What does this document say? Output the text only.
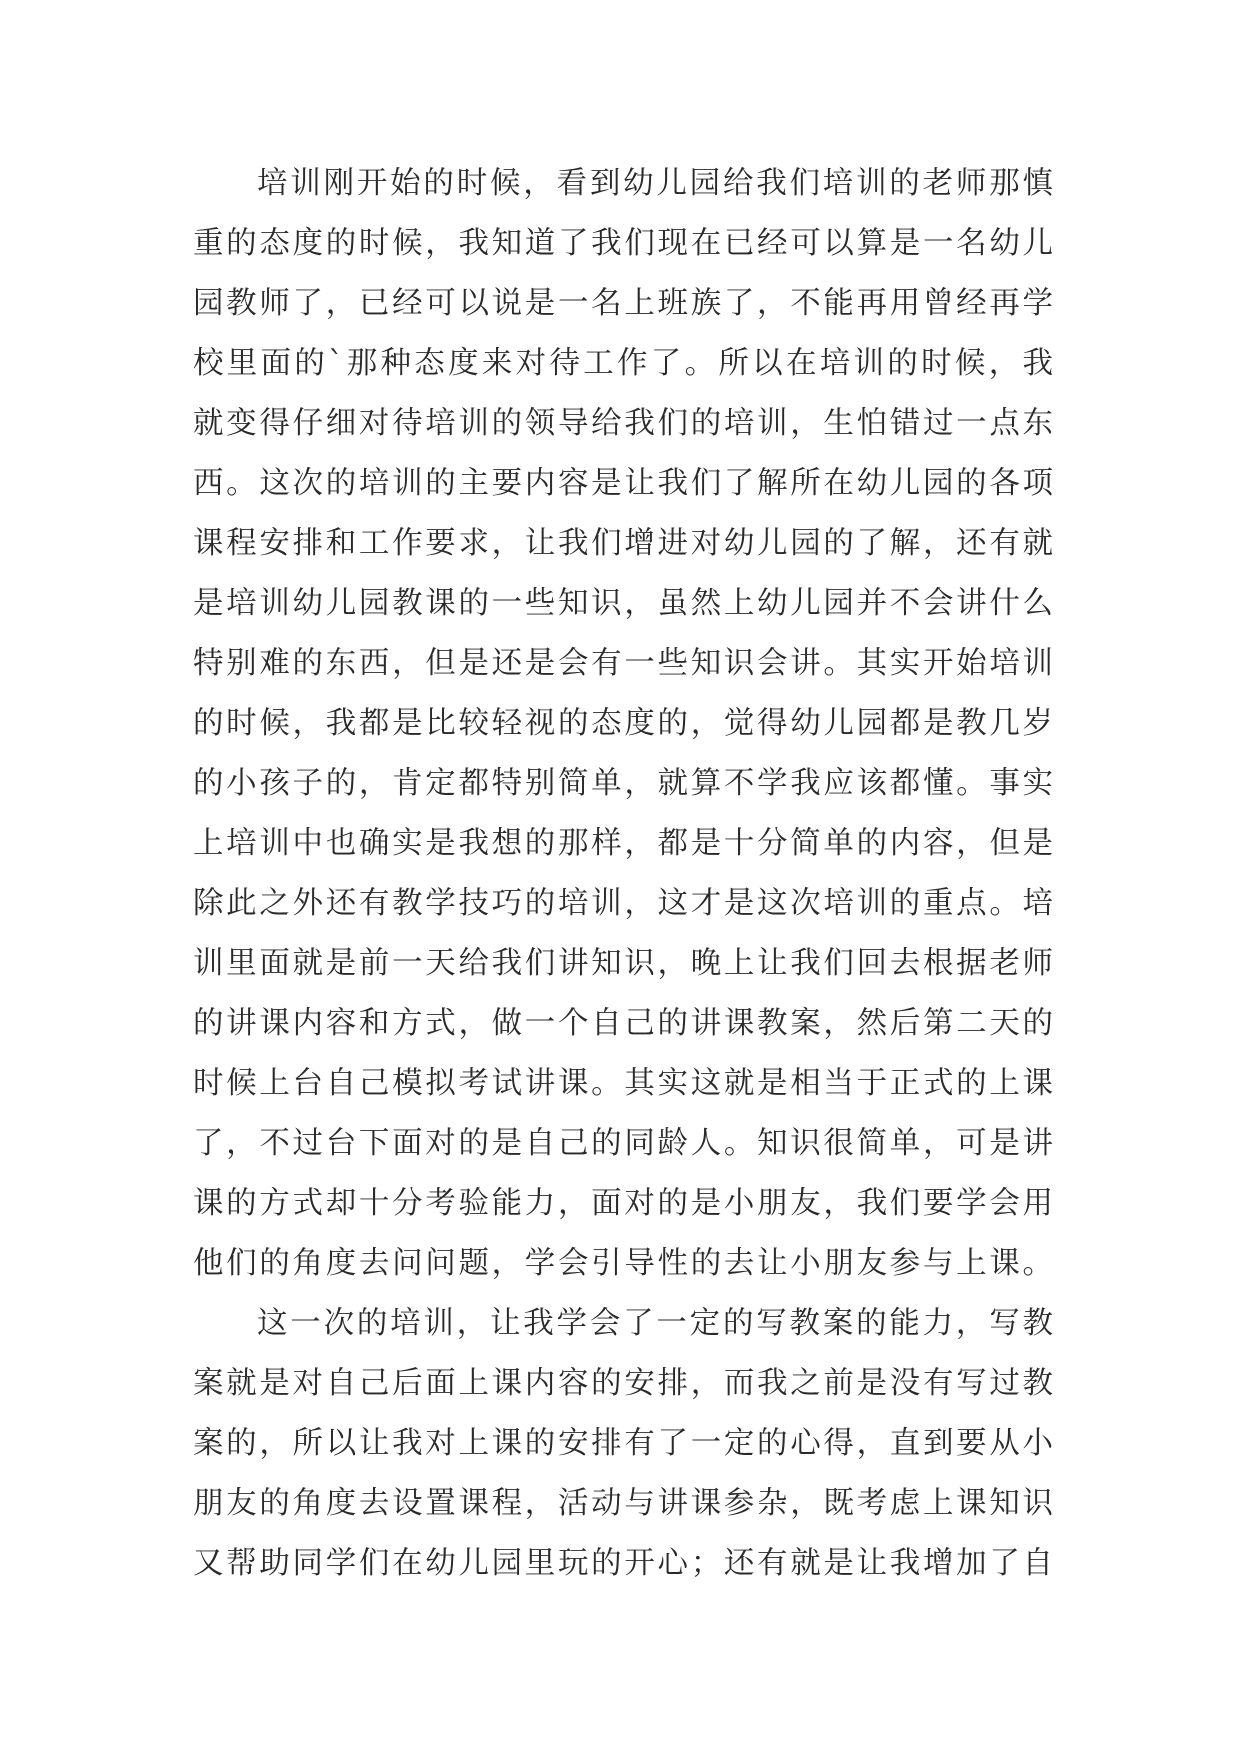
培训刚开始的时候，看到幼儿园给我们培训的老师那慎
重的态度的时候，我知道了我们现在已经可以算是一名幼儿
园教师了，已经可以说是一名上班族了，不能再用曾经再学
校里面的`那种态度来对待工作了。所以在培训的时候，我
就变得仔细对待培训的领导给我们的培训，生怕错过一点东
西。这次的培训的主要内容是让我们了解所在幼儿园的各项
课程安排和工作要求，让我们增进对幼儿园的了解，还有就
是培训幼儿园教课的一些知识，虽然上幼儿园并不会讲什么
特别难的东西，但是还是会有一些知识会讲。其实开始培训
的时候，我都是比较轻视的态度的，觉得幼儿园都是教几岁
的小孩子的，肯定都特别简单，就算不学我应该都懂。事实
上培训中也确实是我想的那样，都是十分简单的内容，但是
除此之外还有教学技巧的培训，这才是这次培训的重点。培
训里面就是前一天给我们讲知识，晚上让我们回去根据老师
的讲课内容和方式，做一个自己的讲课教案，然后第二天的
时候上台自己模拟考试讲课。其实这就是相当于正式的上课
了，不过台下面对的是自己的同龄人。知识很简单，可是讲
课的方式却十分考验能力，面对的是小朋友，我们要学会用
他们的角度去问问题，学会引导性的去让小朋友参与上课。
这一次的培训，让我学会了一定的写教案的能力，写教
案就是对自己后面上课内容的安排，而我之前是没有写过教
案的，所以让我对上课的安排有了一定的心得，直到要从小
朋友的角度去设置课程，活动与讲课参杂，既考虑上课知识
又帮助同学们在幼儿园里玩的开心；还有就是让我增加了自
